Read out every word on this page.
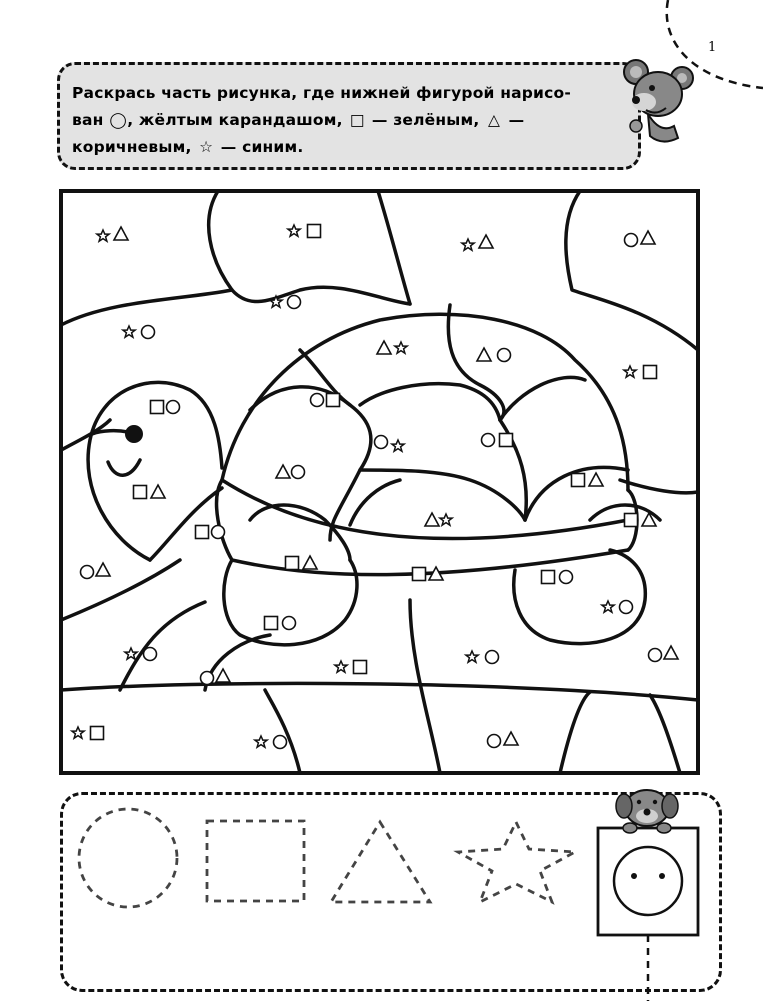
1
Раскрась часть рисунка, где нижней фигурой нарисо-
ван ◯, жёлтым карандашом, □ — зелёным, △ —
коричневым, ☆ — синим.
